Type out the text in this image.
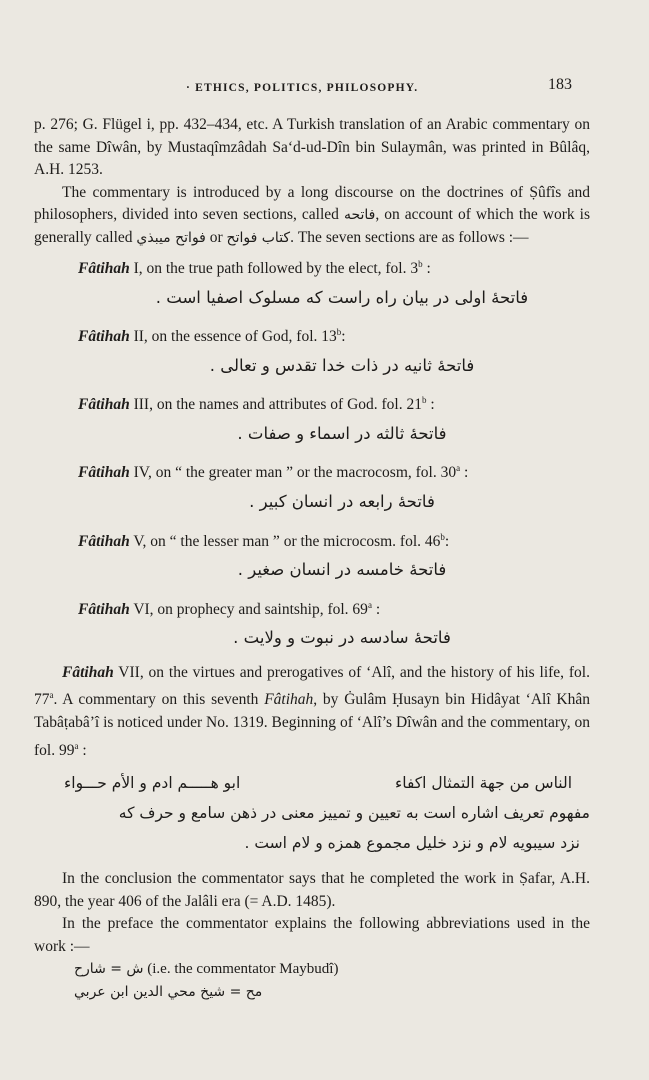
· ETHICS, POLITICS, PHILOSOPHY.	183

p. 276; G. Flügel i, pp. 432–434, etc. A Turkish translation of an Arabic commentary on the same Dîwân, by Mustaqîmzâdah Sa‘d-ud-Dîn bin Sulaymân, was printed in Bûlâq, A.H. 1253.

The commentary is introduced by a long discourse on the doctrines of Ṣûfîs and philosophers, divided into seven sections, called فاتحه, on account of which the work is generally called فواتح ميبذي or كتاب فواتح. The seven sections are as follows :—

Fâtihah I, on the true path followed by the elect, fol. 3$^b$ :

فاتحهٔ اولی در بیان راه راست که مسلوک اصفیا است .

Fâtihah II, on the essence of God, fol. 13$^b$:

فاتحهٔ ثانیه در ذات خدا تقدس و تعالی .

Fâtihah III, on the names and attributes of God. fol. 21$^b$ :

فاتحهٔ ثالثه در اسماء و صفات .

Fâtihah IV, on “ the greater man ” or the macrocosm, fol. 30$^a$ :

فاتحهٔ رابعه در انسان کبیر .

Fâtihah V, on “ the lesser man ” or the microcosm. fol. 46$^b$:

فاتحهٔ خامسه در انسان صغیر .

Fâtihah VI, on prophecy and saintship, fol. 69$^a$ :

فاتحهٔ سادسه در نبوت و ولایت .

Fâtihah VII, on the virtues and prerogatives of ‘Alî, and the history of his life, fol. 77$^a$. A commentary on this seventh Fâtihah, by Ġulâm Ḥusayn bin Hidâyat ‘Alî Khân Tabâṭabâ’î is noticed under No. 1319. Beginning of ‘Alî’s Dîwân and the commentary, on fol. 99$^a$ :

الناس من جهة التمثال اكفاء
ابو هـــــم ادم و الأم حـــواء
مفهوم تعریف اشاره است به تعیین و تمییز معنی در ذهن سامع و حرف که
نزد سیبویه لام و نزد خلیل مجموع همزه و لام است .

In the conclusion the commentator says that he completed the work in Ṣafar, A.H. 890, the year 406 of the Jalâli era (= A.D. 1485).

In the preface the commentator explains the following abbreviations used in the work :—

ش = شارح (i.e. the commentator Maybudî)
مح = شیخ محي الدين ابن عربي
